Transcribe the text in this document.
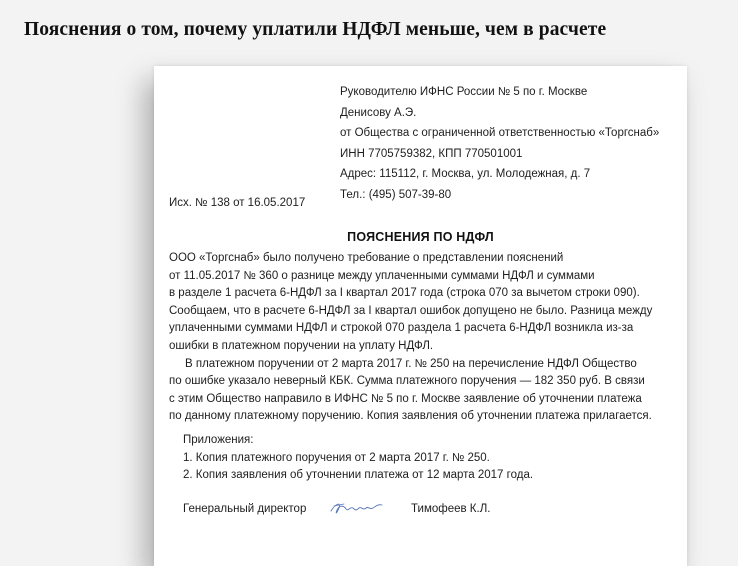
Пояснения о том, почему уплатили НДФЛ меньше, чем в расчете
Руководителю ИФНС России № 5 по г. Москве
Денисову А.Э.
от Общества с ограниченной ответственностью «Торгснаб»
ИНН 7705759382, КПП 770501001
Адрес: 115112, г. Москва, ул. Молодежная, д. 7
Тел.: (495) 507-39-80
Исх. № 138 от 16.05.2017
ПОЯСНЕНИЯ ПО НДФЛ
ООО «Торгснаб» было получено требование о представлении пояснений
от 11.05.2017 № 360 о разнице между уплаченными суммами НДФЛ и суммами
в разделе 1 расчета 6-НДФЛ за I квартал 2017 года (строка 070 за вычетом строки 090).
Сообщаем, что в расчете 6-НДФЛ за I квартал ошибок допущено не было. Разница между
уплаченными суммами НДФЛ и строкой 070 раздела 1 расчета 6-НДФЛ возникла из-за
ошибки в платежном поручении на уплату НДФЛ.
В платежном поручении от 2 марта 2017 г. № 250 на перечисление НДФЛ Общество
по ошибке указало неверный КБК. Сумма платежного поручения — 182 350 руб. В связи
с этим Общество направило в ИФНС № 5 по г. Москве заявление об уточнении платежа
по данному платежному поручению. Копия заявления об уточнении платежа прилагается.
Приложения:
1. Копия платежного поручения от 2 марта 2017 г. № 250.
2. Копия заявления об уточнении платежа от 12 марта 2017 года.
Генеральный директор	Тимофеев К.Л.
